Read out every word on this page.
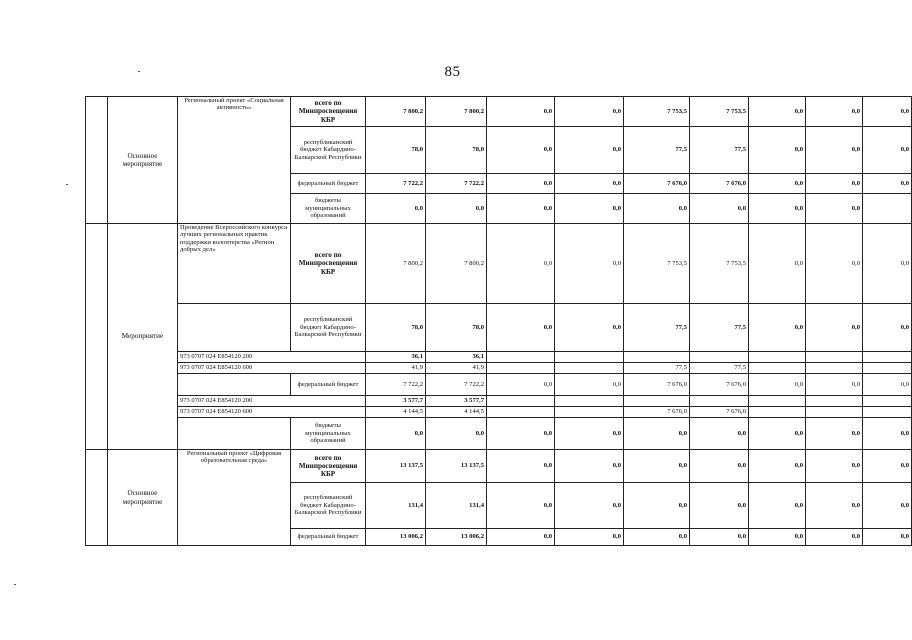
85
	Основное мероприятие	Региональный проект «Социальная активность»	всего по Минпросвещения КБР	7 800,2	7 800,2	0,0	0,0	7 753,5	7 753,5	0,0	0,0	0,0
			республиканский бюджет Кабардино-Балкарской Республики	78,0	78,0	0,0	0,0	77,5	77,5	0,0	0,0	0,0
			федеральный бюджет	7 722,2	7 722,2	0,0	0,0	7 676,0	7 676,0	0,0	0,0	0,0
			бюджеты муниципальных образований	0,0	0,0	0,0	0,0	0,0	0,0	0,0	0,0	
	Мероприятие	Проведение Всероссийского конкурса лучших региональных практик поддержки волонтерства «Регион добрых дел»	всего по Минпросвещения КБР	7 800,2	7 800,2	0,0	0,0	7 753,5	7 753,5	0,0	0,0	0,0
			республиканский бюджет Кабардино-Балкарской Республики	78,0	78,0	0,0	0,0	77,5	77,5	0,0	0,0	0,0
		973 0707 024 Е854120 200		36,1	36,1							
		973 0707 024 Е854120 600		41,9	41,9			77,5	77,5			
			федеральный бюджет	7 722,2	7 722,2	0,0	0,0	7 676,0	7 676,0	0,0	0,0	0,0
		973 0707 024 Е854120 200		3 577,7	3 577,7							
		973 0707 024 Е854120 600		4 144,5	4 144,5			7 676,0	7 676,0			
			бюджеты муниципальных образований	0,0	0,0	0,0	0,0	0,0	0,0	0,0	0,0	0,0
	Основное мероприятие	Региональный проект «Цифровая образовательная среда»	всего по Минпросвещения КБР	13 137,5	13 137,5	0,0	0,0	0,0	0,0	0,0	0,0	0,0
			республиканский бюджет Кабардино-Балкарской Республики	131,4	131,4	0,0	0,0	0,0	0,0	0,0	0,0	0,0
			федеральный бюджет	13 006,2	13 006,2	0,0	0,0	0,0	0,0	0,0	0,0	0,0
